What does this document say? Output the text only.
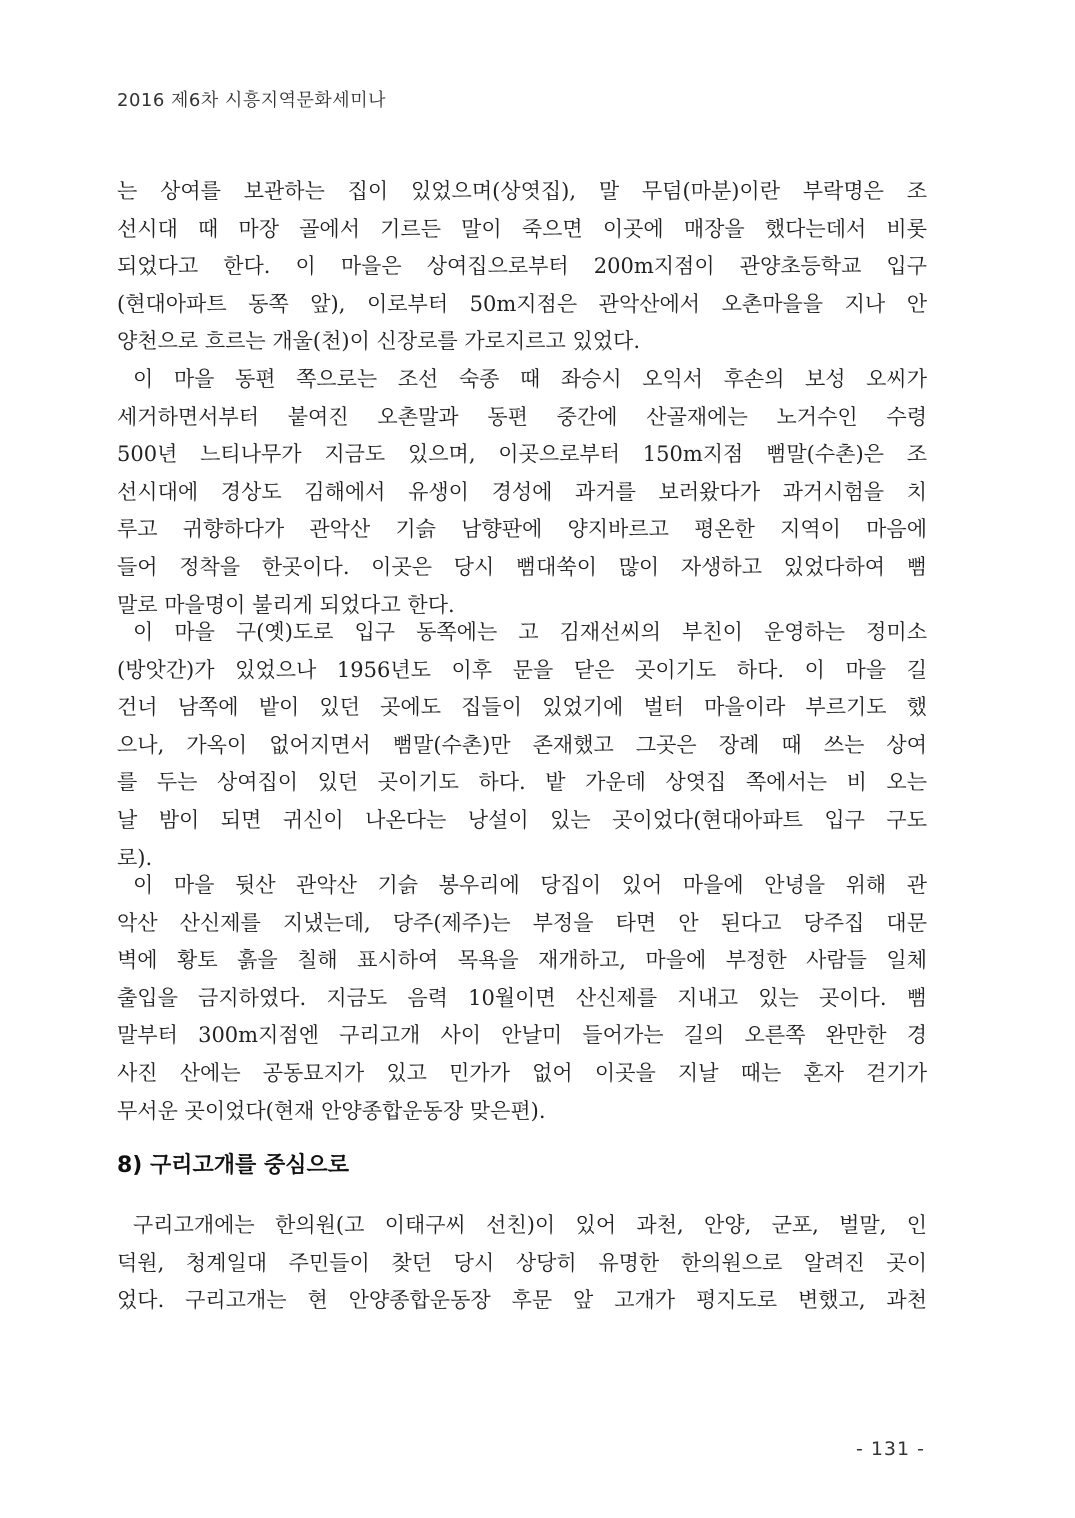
2016 제6차 시흥지역문화세미나
는 상여를 보관하는 집이 있었으며(상엿집), 말 무덤(마분)이란 부락명은 조
선시대 때 마장 골에서 기르든 말이 죽으면 이곳에 매장을 했다는데서 비롯
되었다고 한다. 이 마을은 상여집으로부터 200m지점이 관양초등학교 입구
(현대아파트 동쪽 앞), 이로부터 50m지점은 관악산에서 오촌마을을 지나 안
양천으로 흐르는 개울(천)이 신장로를 가로지르고 있었다.
이 마을 동편 쪽으로는 조선 숙종 때 좌승시 오익서 후손의 보성 오씨가
세거하면서부터 붙여진 오촌말과 동편 중간에 산골재에는 노거수인 수령
500년 느티나무가 지금도 있으며, 이곳으로부터 150m지점 뻠말(수촌)은 조
선시대에 경상도 김해에서 유생이 경성에 과거를 보러왔다가 과거시험을 치
루고 귀향하다가 관악산 기슭 남향판에 양지바르고 평온한 지역이 마음에
들어 정착을 한곳이다. 이곳은 당시 뻠대쑥이 많이 자생하고 있었다하여 뻠
말로 마을명이 불리게 되었다고 한다.
이 마을 구(옛)도로 입구 동쪽에는 고 김재선씨의 부친이 운영하는 정미소
(방앗간)가 있었으나 1956년도 이후 문을 닫은 곳이기도 하다. 이 마을 길
건너 남쪽에 밭이 있던 곳에도 집들이 있었기에 벌터 마을이라 부르기도 했
으나, 가옥이 없어지면서 뻠말(수촌)만 존재했고 그곳은 장례 때 쓰는 상여
를 두는 상여집이 있던 곳이기도 하다. 밭 가운데 상엿집 쪽에서는 비 오는
날 밤이 되면 귀신이 나온다는 낭설이 있는 곳이었다(현대아파트 입구 구도
로).
이 마을 뒷산 관악산 기슭 봉우리에 당집이 있어 마을에 안녕을 위해 관
악산 산신제를 지냈는데, 당주(제주)는 부정을 타면 안 된다고 당주집 대문
벽에 황토 흙을 칠해 표시하여 목욕을 재개하고, 마을에 부정한 사람들 일체
출입을 금지하였다. 지금도 음력 10월이면 산신제를 지내고 있는 곳이다. 뻠
말부터 300m지점엔 구리고개 사이 안날미 들어가는 길의 오른쪽 완만한 경
사진 산에는 공동묘지가 있고 민가가 없어 이곳을 지날 때는 혼자 걷기가
무서운 곳이었다(현재 안양종합운동장 맞은편).
8) 구리고개를 중심으로
구리고개에는 한의원(고 이태구씨 선친)이 있어 과천, 안양, 군포, 벌말, 인
덕원, 청계일대 주민들이 찾던 당시 상당히 유명한 한의원으로 알려진 곳이
었다. 구리고개는 현 안양종합운동장 후문 앞 고개가 평지도로 변했고, 과천
- 131 -
